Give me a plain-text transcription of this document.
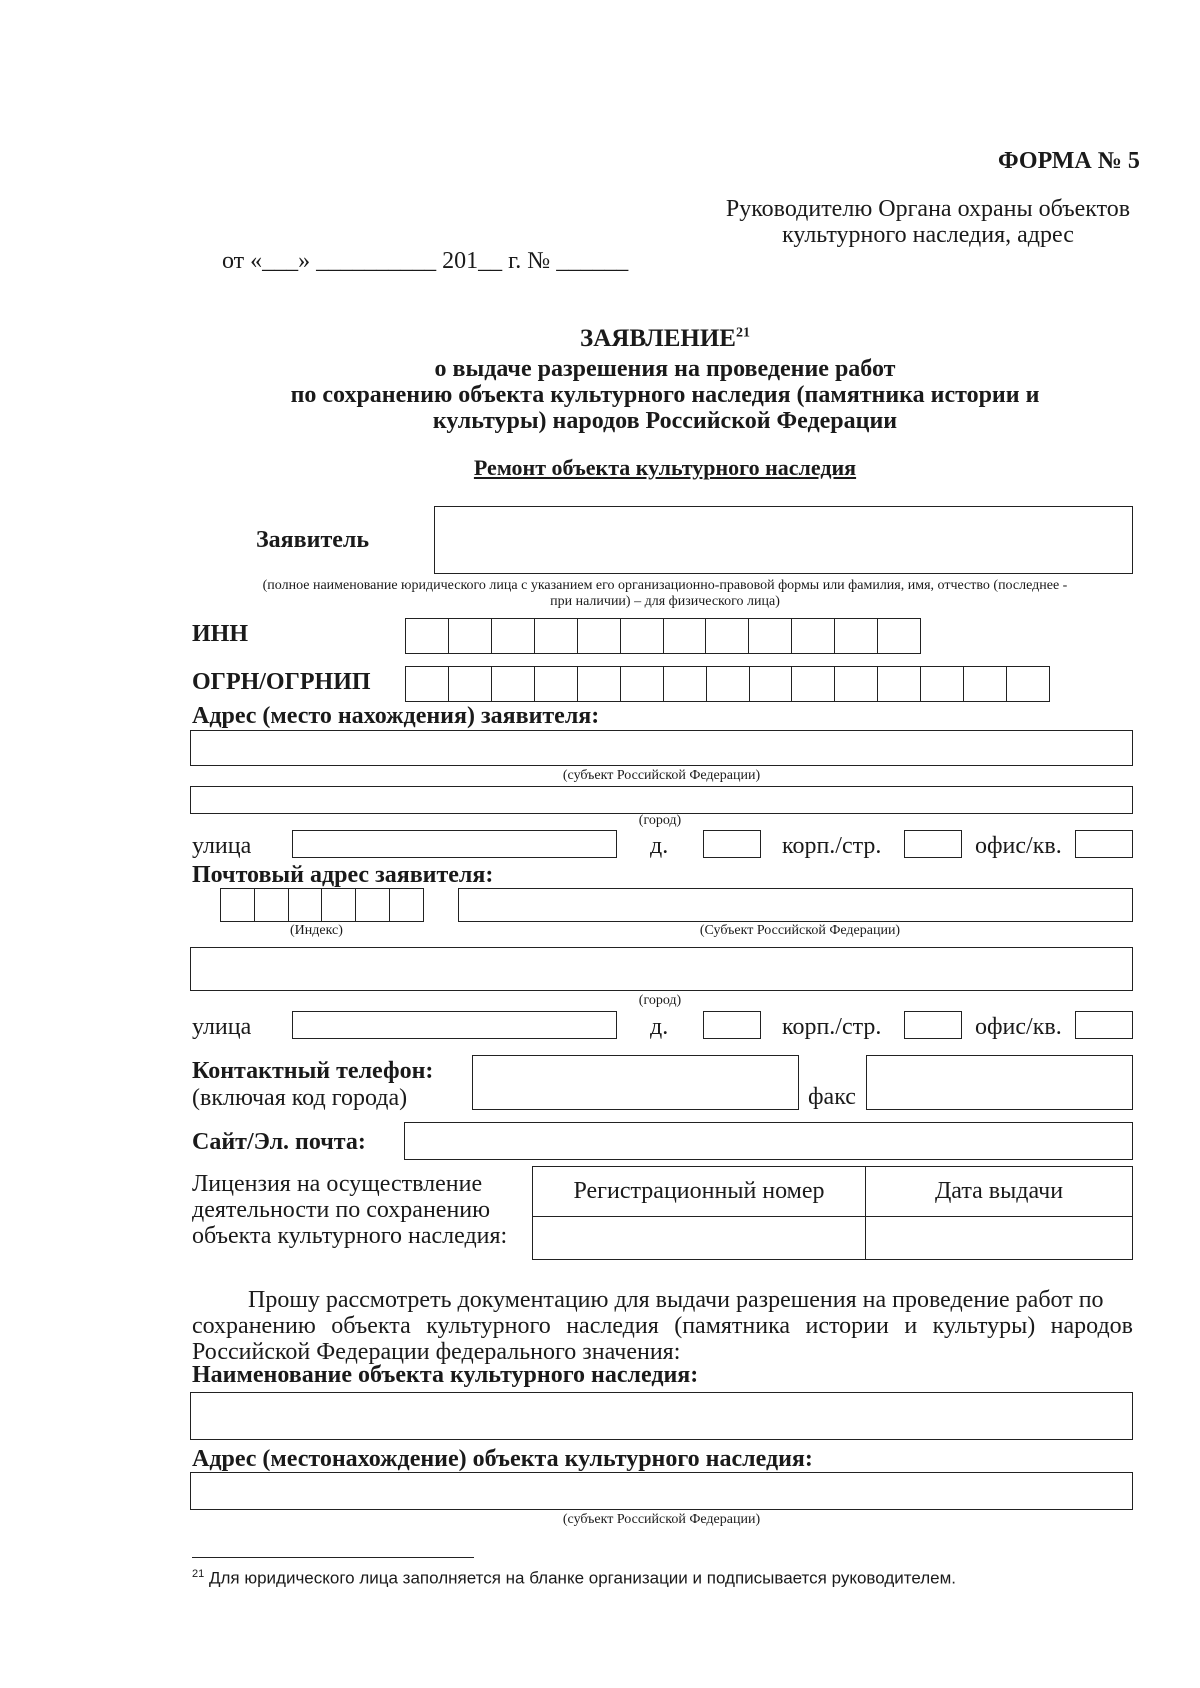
ФОРМА № 5
Руководителю Органа охраны объектов
культурного наследия, адрес
от «___» __________ 201__ г. № ______
ЗАЯВЛЕНИЕ$^{21}$
о выдаче разрешения на проведение работ
по сохранению объекта культурного наследия (памятника истории и
культуры) народов Российской Федерации
Ремонт объекта культурного наследия
Заявитель
(полное наименование юридического лица с указанием его организационно-правовой формы или фамилия, имя, отчество (последнее -
при наличии) – для физического лица)
ИНН
ОГРН/ОГРНИП
Адрес (место нахождения) заявителя:
(субъект Российской Федерации)
(город)
улица	д.	корп./стр.	офис/кв.
Почтовый адрес заявителя:
(Индекс)	(Субъект Российской Федерации)
(город)
улица	д.	корп./стр.	офис/кв.
Контактный телефон:
(включая код города)	факс
Сайт/Эл. почта:
Лицензия на осуществление
деятельности по сохранению
объекта культурного наследия:
Регистрационный номер	Дата выдачи

Прошу рассмотреть документацию для выдачи разрешения на проведение работ по
сохранению объекта культурного наследия (памятника истории и культуры) народов
Российской Федерации федерального значения:
Наименование объекта культурного наследия:
Адрес (местонахождение) объекта культурного наследия:
(субъект Российской Федерации)
$^{21}$ Для юридического лица заполняется на бланке организации и подписывается руководителем.
